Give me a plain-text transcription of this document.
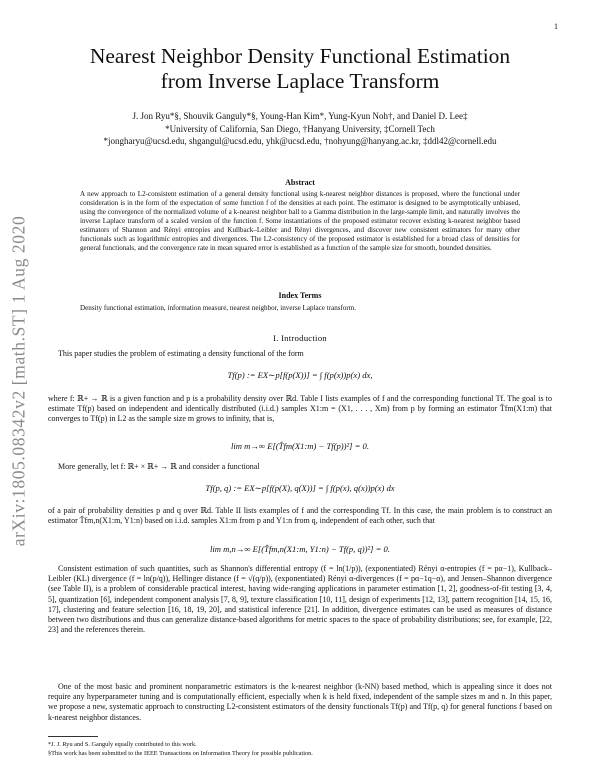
1
arXiv:1805.08342v2 [math.ST] 1 Aug 2020
Nearest Neighbor Density Functional Estimation
from Inverse Laplace Transform
J. Jon Ryu*§, Shouvik Ganguly*§, Young-Han Kim*, Yung-Kyun Noh†, and Daniel D. Lee‡
*University of California, San Diego, †Hanyang University, ‡Cornell Tech
*jongharyu@ucsd.edu, shgangul@ucsd.edu, yhk@ucsd.edu, †nohyung@hanyang.ac.kr, ‡ddl42@cornell.edu
Abstract
A new approach to L2-consistent estimation of a general density functional using k-nearest neighbor distances is proposed, where the functional under consideration is in the form of the expectation of some function f of the densities at each point. The estimator is designed to be asymptotically unbiased, using the convergence of the normalized volume of a k-nearest neighbor ball to a Gamma distribution in the large-sample limit, and naturally involves the inverse Laplace transform of a scaled version of the function f. Some instantiations of the proposed estimator recover existing k-nearest neighbor based estimators of Shannon and Rényi entropies and Kullback–Leibler and Rényi divergences, and discover new consistent estimators for many other functionals such as logarithmic entropies and divergences. The L2-consistency of the proposed estimator is established for a broad class of densities for general functionals, and the convergence rate in mean squared error is established as a function of the sample size for smooth, bounded densities.
Index Terms
Density functional estimation, information measure, nearest neighbor, inverse Laplace transform.
I. Introduction
This paper studies the problem of estimating a density functional of the form
Tf(p) := EX∼p[f(p(X))] = ∫ f(p(x))p(x) dx,
where f: ℝ+ → ℝ is a given function and p is a probability density over ℝd. Table I lists examples of f and the corresponding functional Tf. The goal is to estimate Tf(p) based on independent and identically distributed (i.i.d.) samples X1:m = (X1, . . . , Xm) from p by forming an estimator T̂fm(X1:m) that converges to Tf(p) in L2 as the sample size m grows to infinity, that is,
lim m→∞ E[(T̂fm(X1:m) − Tf(p))²] = 0.
More generally, let f: ℝ+ × ℝ+ → ℝ and consider a functional
Tf(p, q) := EX∼p[f(p(X), q(X))] = ∫ f(p(x), q(x))p(x) dx
of a pair of probability densities p and q over ℝd. Table II lists examples of f and the corresponding Tf. In this case, the main problem is to construct an estimator T̂fm,n(X1:m, Y1:n) based on i.i.d. samples X1:m from p and Y1:n from q, independent of each other, such that
lim m,n→∞ E[(T̂fm,n(X1:m, Y1:n) − Tf(p, q))²] = 0.
Consistent estimation of such quantities, such as Shannon's differential entropy (f = ln(1/p)), (exponentiated) Rényi α-entropies (f = pα−1), Kullback–Leibler (KL) divergence (f = ln(p/q)), Hellinger distance (f = √(q/p)), (exponentiated) Rényi α-divergences (f = pα−1q−α), and Jensen–Shannon divergence (see Table II), is a problem of considerable practical interest, having wide-ranging applications in parameter estimation [1, 2], goodness-of-fit testing [3, 4, 5], quantization [6], independent component analysis [7, 8, 9], texture classification [10, 11], design of experiments [12, 13], pattern recognition [14, 15, 16, 17], clustering and feature selection [16, 18, 19, 20], and statistical inference [21]. In addition, divergence estimates can be used as measures of distance between two distributions and thus can generalize distance-based algorithms for metric spaces to the space of probability distributions; see, for example, [22, 23] and the references therein.
One of the most basic and prominent nonparametric estimators is the k-nearest neighbor (k-NN) based method, which is appealing since it does not require any hyperparameter tuning and is computationally efficient, especially when k is held fixed, independent of the sample sizes m and n. In this paper, we propose a new, systematic approach to constructing L2-consistent estimators of the density functionals Tf(p) and Tf(p, q) for general functions f based on k-nearest neighbor distances.
*J. J. Ryu and S. Ganguly equally contributed to this work.
§This work has been submitted to the IEEE Transactions on Information Theory for possible publication.
